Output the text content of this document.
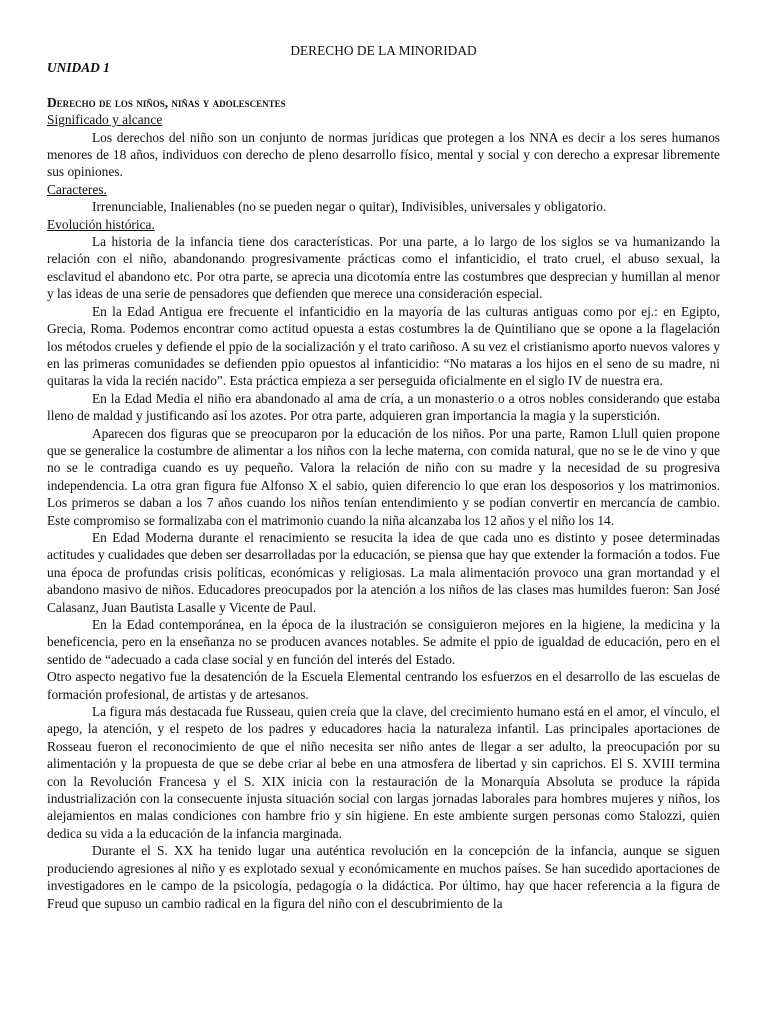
DERECHO DE LA MINORIDAD
UNIDAD 1
Derecho de los niños, niñas y adolescentes
Significado y alcance

Los derechos del niño son un conjunto de normas jurídicas que protegen a los NNA es decir a los seres humanos menores de 18 años, individuos con derecho de pleno desarrollo físico, mental y social y con derecho a expresar libremente sus opiniones.

Caracteres.

Irrenunciable, Inalienables (no se pueden negar o quitar), Indivisibles, universales y obligatorio.

Evolución histórica.

La historia de la infancia tiene dos características. Por una parte, a lo largo de los siglos se va humanizando la relación con el niño, abandonando progresivamente prácticas como el infanticidio, el trato cruel, el abuso sexual, la esclavitud el abandono etc. Por otra parte, se aprecia una dicotomía entre las costumbres que desprecian y humillan al menor y las ideas de una serie de pensadores que defienden que merece una consideración especial.

En la Edad Antigua ere frecuente el infanticidio en la mayoría de las culturas antiguas como por ej.: en Egipto, Grecia, Roma. Podemos encontrar como actitud opuesta a estas costumbres la de Quintiliano que se opone a la flagelación los métodos crueles y defiende el ppio de la socialización y el trato cariñoso. A su vez el cristianismo aporto nuevos valores y en las primeras comunidades se defienden ppio opuestos al infanticidio: “No mataras a los hijos en el seno de su madre, ni quitaras la vida la recién nacido”. Esta práctica empieza a ser perseguida oficialmente en el siglo IV de nuestra era.

En la Edad Media el niño era abandonado al ama de cría, a un monasterio o a otros nobles considerando que estaba lleno de maldad y justificando así los azotes. Por otra parte, adquieren gran importancia la magia y la superstición.

Aparecen dos figuras que se preocuparon por la educación de los niños. Por una parte, Ramon Llull quien propone que se generalice la costumbre de alimentar a los niños con la leche materna, con comida natural, que no se le de vino y que no se le contradiga cuando es uy pequeño. Valora la relación de niño con su madre y la necesidad de su progresiva independencia. La otra gran figura fue Alfonso X el sabio, quien diferencio lo que eran los desposorios y los matrimonios. Los primeros se daban a los 7 años cuando los niños tenían entendimiento y se podían convertir en mercancía de cambio. Este compromiso se formalizaba con el matrimonio cuando la niña alcanzaba los 12 años y el niño los 14.

En Edad Moderna durante el renacimiento se resucita la idea de que cada uno es distinto y posee determinadas actitudes y cualidades que deben ser desarrolladas por la educación, se piensa que hay que extender la formación a todos. Fue una época de profundas crisis políticas, económicas y religiosas. La mala alimentación provoco una gran mortandad y el abandono masivo de niños. Educadores preocupados por la atención a los niños de las clases mas humildes fueron: San José Calasanz, Juan Bautista Lasalle y Vicente de Paul.

En la Edad contemporánea, en la época de la ilustración se consiguieron mejores en la higiene, la medicina y la beneficencia, pero en la enseñanza no se producen avances notables. Se admite el ppio de igualdad de educación, pero en el sentido de “adecuado a cada clase social y en función del interés del Estado.

Otro aspecto negativo fue la desatención de la Escuela Elemental centrando los esfuerzos en el desarrollo de las escuelas de formación profesional, de artistas y de artesanos.

La figura más destacada fue Russeau, quien creía que la clave, del crecimiento humano está en el amor, el vínculo, el apego, la atención, y el respeto de los padres y educadores hacia la naturaleza infantil. Las principales aportaciones de Rosseau fueron el reconocimiento de que el niño necesita ser niño antes de llegar a ser adulto, la preocupación por su alimentación y la propuesta de que se debe criar al bebe en una atmosfera de libertad y sin caprichos. El S. XVIII termina con la Revolución Francesa y el S. XIX inicia con la restauración de la Monarquía Absoluta se produce la rápida industrialización con la consecuente injusta situación social con largas jornadas laborales para hombres mujeres y niños, los alejamientos en malas condiciones con hambre frio y sin higiene. En este ambiente surgen personas como Stalozzi, quien dedica su vida a la educación de la infancia marginada.

Durante el S. XX ha tenido lugar una auténtica revolución en la concepción de la infancia, aunque se siguen produciendo agresiones al niño y es explotado sexual y económicamente en muchos países. Se han sucedido aportaciones de investigadores en le campo de la psicología, pedagogía o la didáctica. Por último, hay que hacer referencia a la figura de Freud que supuso un cambio radical en la figura del niño con el descubrimiento de la
